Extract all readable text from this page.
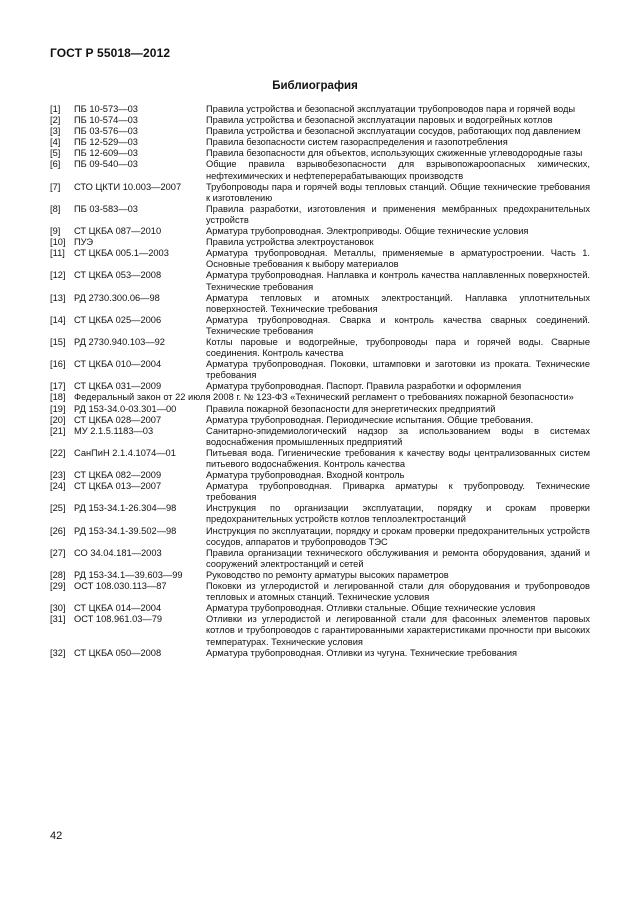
ГОСТ Р 55018—2012
Библиография
[1]	ПБ 10-573—03	Правила устройства и безопасной эксплуатации трубопроводов пара и горячей воды
[2]	ПБ 10-574—03	Правила устройства и безопасной эксплуатации паровых и водогрейных котлов
[3]	ПБ 03-576—03	Правила устройства и безопасной эксплуатации сосудов, работающих под давлением
[4]	ПБ 12-529—03	Правила безопасности систем газораспределения и газопотребления
[5]	ПБ 12-609—03	Правила безопасности для объектов, использующих сжиженные углеводородные газы
[6]	ПБ 09-540—03	Общие правила взрывобезопасности для взрывопожароопасных химических, нефтехимических и нефтеперерабатывающих производств
[7]	СТО ЦКТИ 10.003—2007	Трубопроводы пара и горячей воды тепловых станций. Общие технические требования к изготовлению
[8]	ПБ 03-583—03	Правила разработки, изготовления и применения мембранных предохранительных устройств
[9]	СТ ЦКБА 087—2010	Арматура трубопроводная. Электроприводы. Общие технические условия
[10] ПУЭ	Правила устройства электроустановок
[11] СТ ЦКБА 005.1—2003	Арматура трубопроводная. Металлы, применяемые в арматуростроении. Часть 1. Основные требования к выбору материалов
[12] СТ ЦКБА 053—2008	Арматура трубопроводная. Наплавка и контроль качества наплавленных поверхностей. Технические требования
[13] РД 2730.300.06—98	Арматура тепловых и атомных электростанций. Наплавка уплотнительных поверхностей. Технические требования
[14] СТ ЦКБА 025—2006	Арматура трубопроводная. Сварка и контроль качества сварных соединений. Технические требования
[15] РД 2730.940.103—92	Котлы паровые и водогрейные, трубопроводы пара и горячей воды. Сварные соединения. Контроль качества
[16] СТ ЦКБА 010—2004	Арматура трубопроводная. Поковки, штамповки и заготовки из проката. Технические требования
[17] СТ ЦКБА 031—2009	Арматура трубопроводная. Паспорт. Правила разработки и оформления
[18] Федеральный закон от 22 июля 2008 г. № 123-ФЗ «Технический регламент о требованиях пожарной безопасности»
[19] РД 153-34.0-03.301—00	Правила пожарной безопасности для энергетических предприятий
[20] СТ ЦКБА 028—2007	Арматура трубопроводная. Периодические испытания. Общие требования.
[21] МУ 2.1.5.1183—03	Санитарно-эпидемиологический надзор за использованием воды в системах водоснабжения промышленных предприятий
[22] СанПиН 2.1.4.1074—01	Питьевая вода. Гигиенические требования к качеству воды централизованных систем питьевого водоснабжения. Контроль качества
[23] СТ ЦКБА 082—2009	Арматура трубопроводная. Входной контроль
[24] СТ ЦКБА 013—2007	Арматура трубопроводная. Приварка арматуры к трубопроводу. Технические требования
[25] РД 153-34.1-26.304—98	Инструкция по организации эксплуатации, порядку и срокам проверки предохранительных устройств котлов теплоэлектростанций
[26] РД 153-34.1-39.502—98	Инструкция по эксплуатации, порядку и срокам проверки предохранительных устройств сосудов, аппаратов и трубопроводов ТЭС
[27] СО 34.04.181—2003	Правила организации технического обслуживания и ремонта оборудования, зданий и сооружений электростанций и сетей
[28] РД 153-34.1—39.603—99	Руководство по ремонту арматуры высоких параметров
[29] ОСТ 108.030.113—87	Поковки из углеродистой и легированной стали для оборудования и трубопроводов тепловых и атомных станций. Технические условия
[30] СТ ЦКБА 014—2004	Арматура трубопроводная. Отливки стальные. Общие технические условия
[31] ОСТ 108.961.03—79	Отливки из углеродистой и легированной стали для фасонных элементов паровых котлов и трубопроводов с гарантированными характеристиками прочности при высоких температурах. Технические условия
[32] СТ ЦКБА 050—2008	Арматура трубопроводная. Отливки из чугуна. Технические требования
42
